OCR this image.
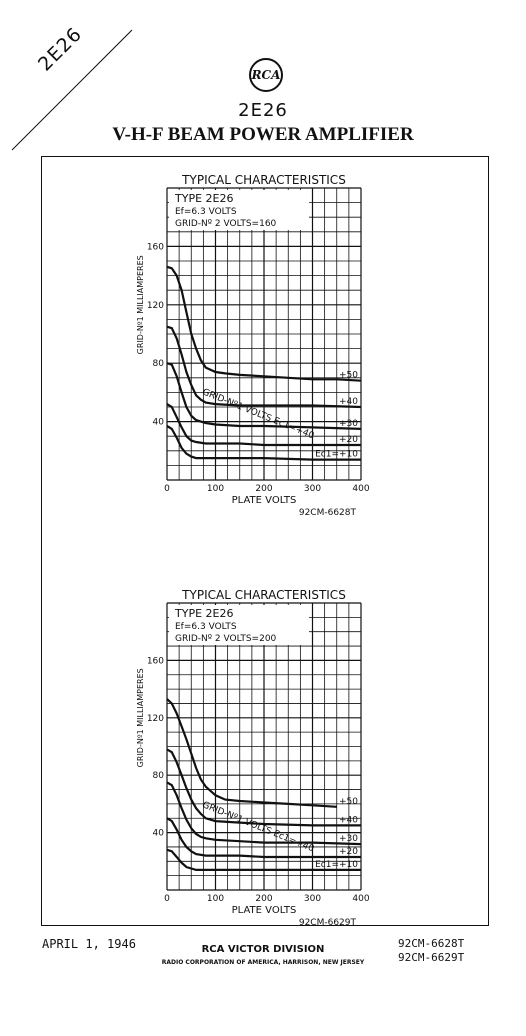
2E26	RCA
2E26
V-H-F BEAM POWER AMPLIFIER
TYPICAL CHARACTERISTICS
TYPE 2E26
Ef=6.3 VOLTS
GRID-Nº 2 VOLTS=160
0	100	200	300	400
40
80
120
160
PLATE VOLTS
GRID-Nº1 MILLIAMPERES
92CM-6628T
+50
+40
+30
+20
Ec1=+10
GRID-Nº1 VOLTS Ec1=+40
TYPICAL CHARACTERISTICS
TYPE 2E26
Ef=6.3 VOLTS
GRID-Nº 2 VOLTS=200
0	100	200	300	400
40
80
120
160
PLATE VOLTS
GRID-Nº1 MILLIAMPERES
92CM-6629T
+50
+40
+30
+20
Ec1=+10
GRID-Nº1 VOLTS Ec1=+40
APRIL 1, 1946	RCA VICTOR DIVISION
RADIO CORPORATION OF AMERICA, HARRISON, NEW JERSEY
92CM-6628T
92CM-6629T
